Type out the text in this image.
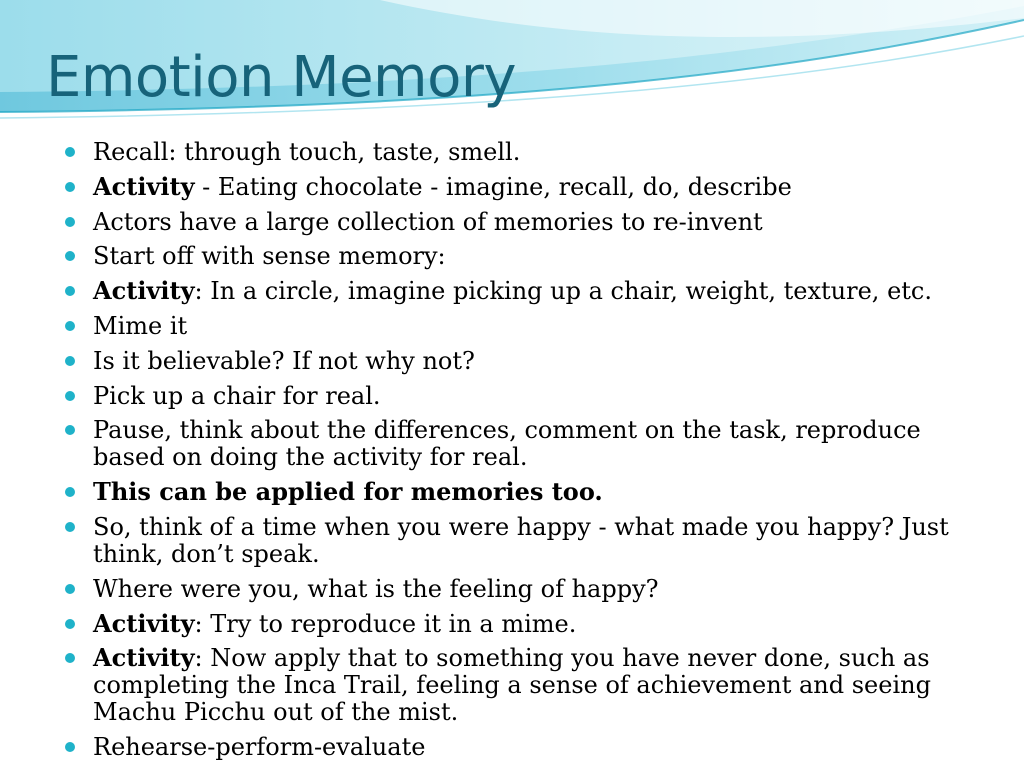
Emotion Memory
Recall: through touch, taste, smell.
Activity - Eating chocolate - imagine, recall, do, describe
Actors have a large collection of memories to re-invent
Start off with sense memory:
Activity: In a circle, imagine picking up a chair, weight, texture, etc.
Mime it
Is it believable? If not why not?
Pick up a chair for real.
Pause, think about the differences, comment on the task, reproduce based on doing the activity for real.
This can be applied for memories too.
So, think of a time when you were happy - what made you happy? Just think, don’t speak.
Where were you, what is the feeling of happy?
Activity: Try to reproduce it in a mime.
Activity: Now apply that to something you have never done, such as completing the Inca Trail, feeling a sense of achievement and seeing Machu Picchu out of the mist.
Rehearse-perform-evaluate
